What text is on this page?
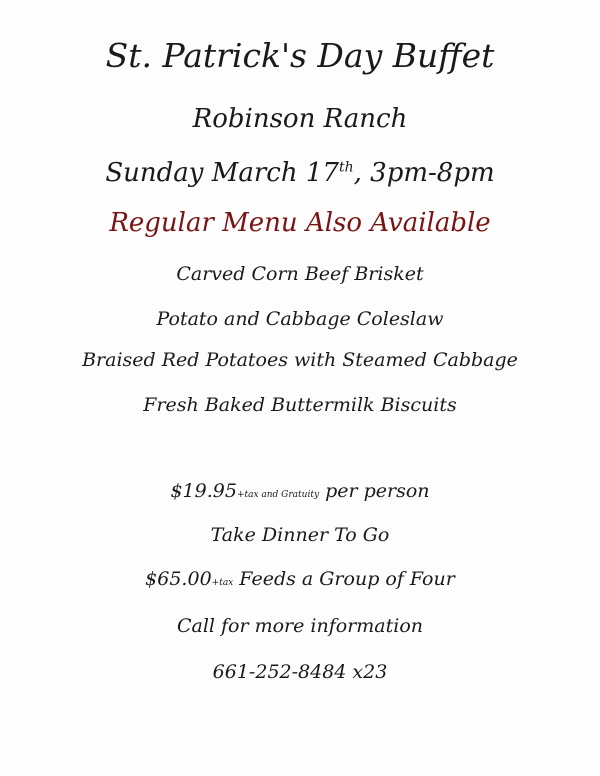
St. Patrick's Day Buffet
Robinson Ranch
Sunday March 17th, 3pm-8pm
Regular Menu Also Available
Carved Corn Beef Brisket
Potato and Cabbage Coleslaw
Braised Red Potatoes with Steamed Cabbage
Fresh Baked Buttermilk Biscuits
$19.95+tax and Gratuity per person
Take Dinner To Go
$65.00+tax Feeds a Group of Four
Call for more information
661-252-8484 x23
